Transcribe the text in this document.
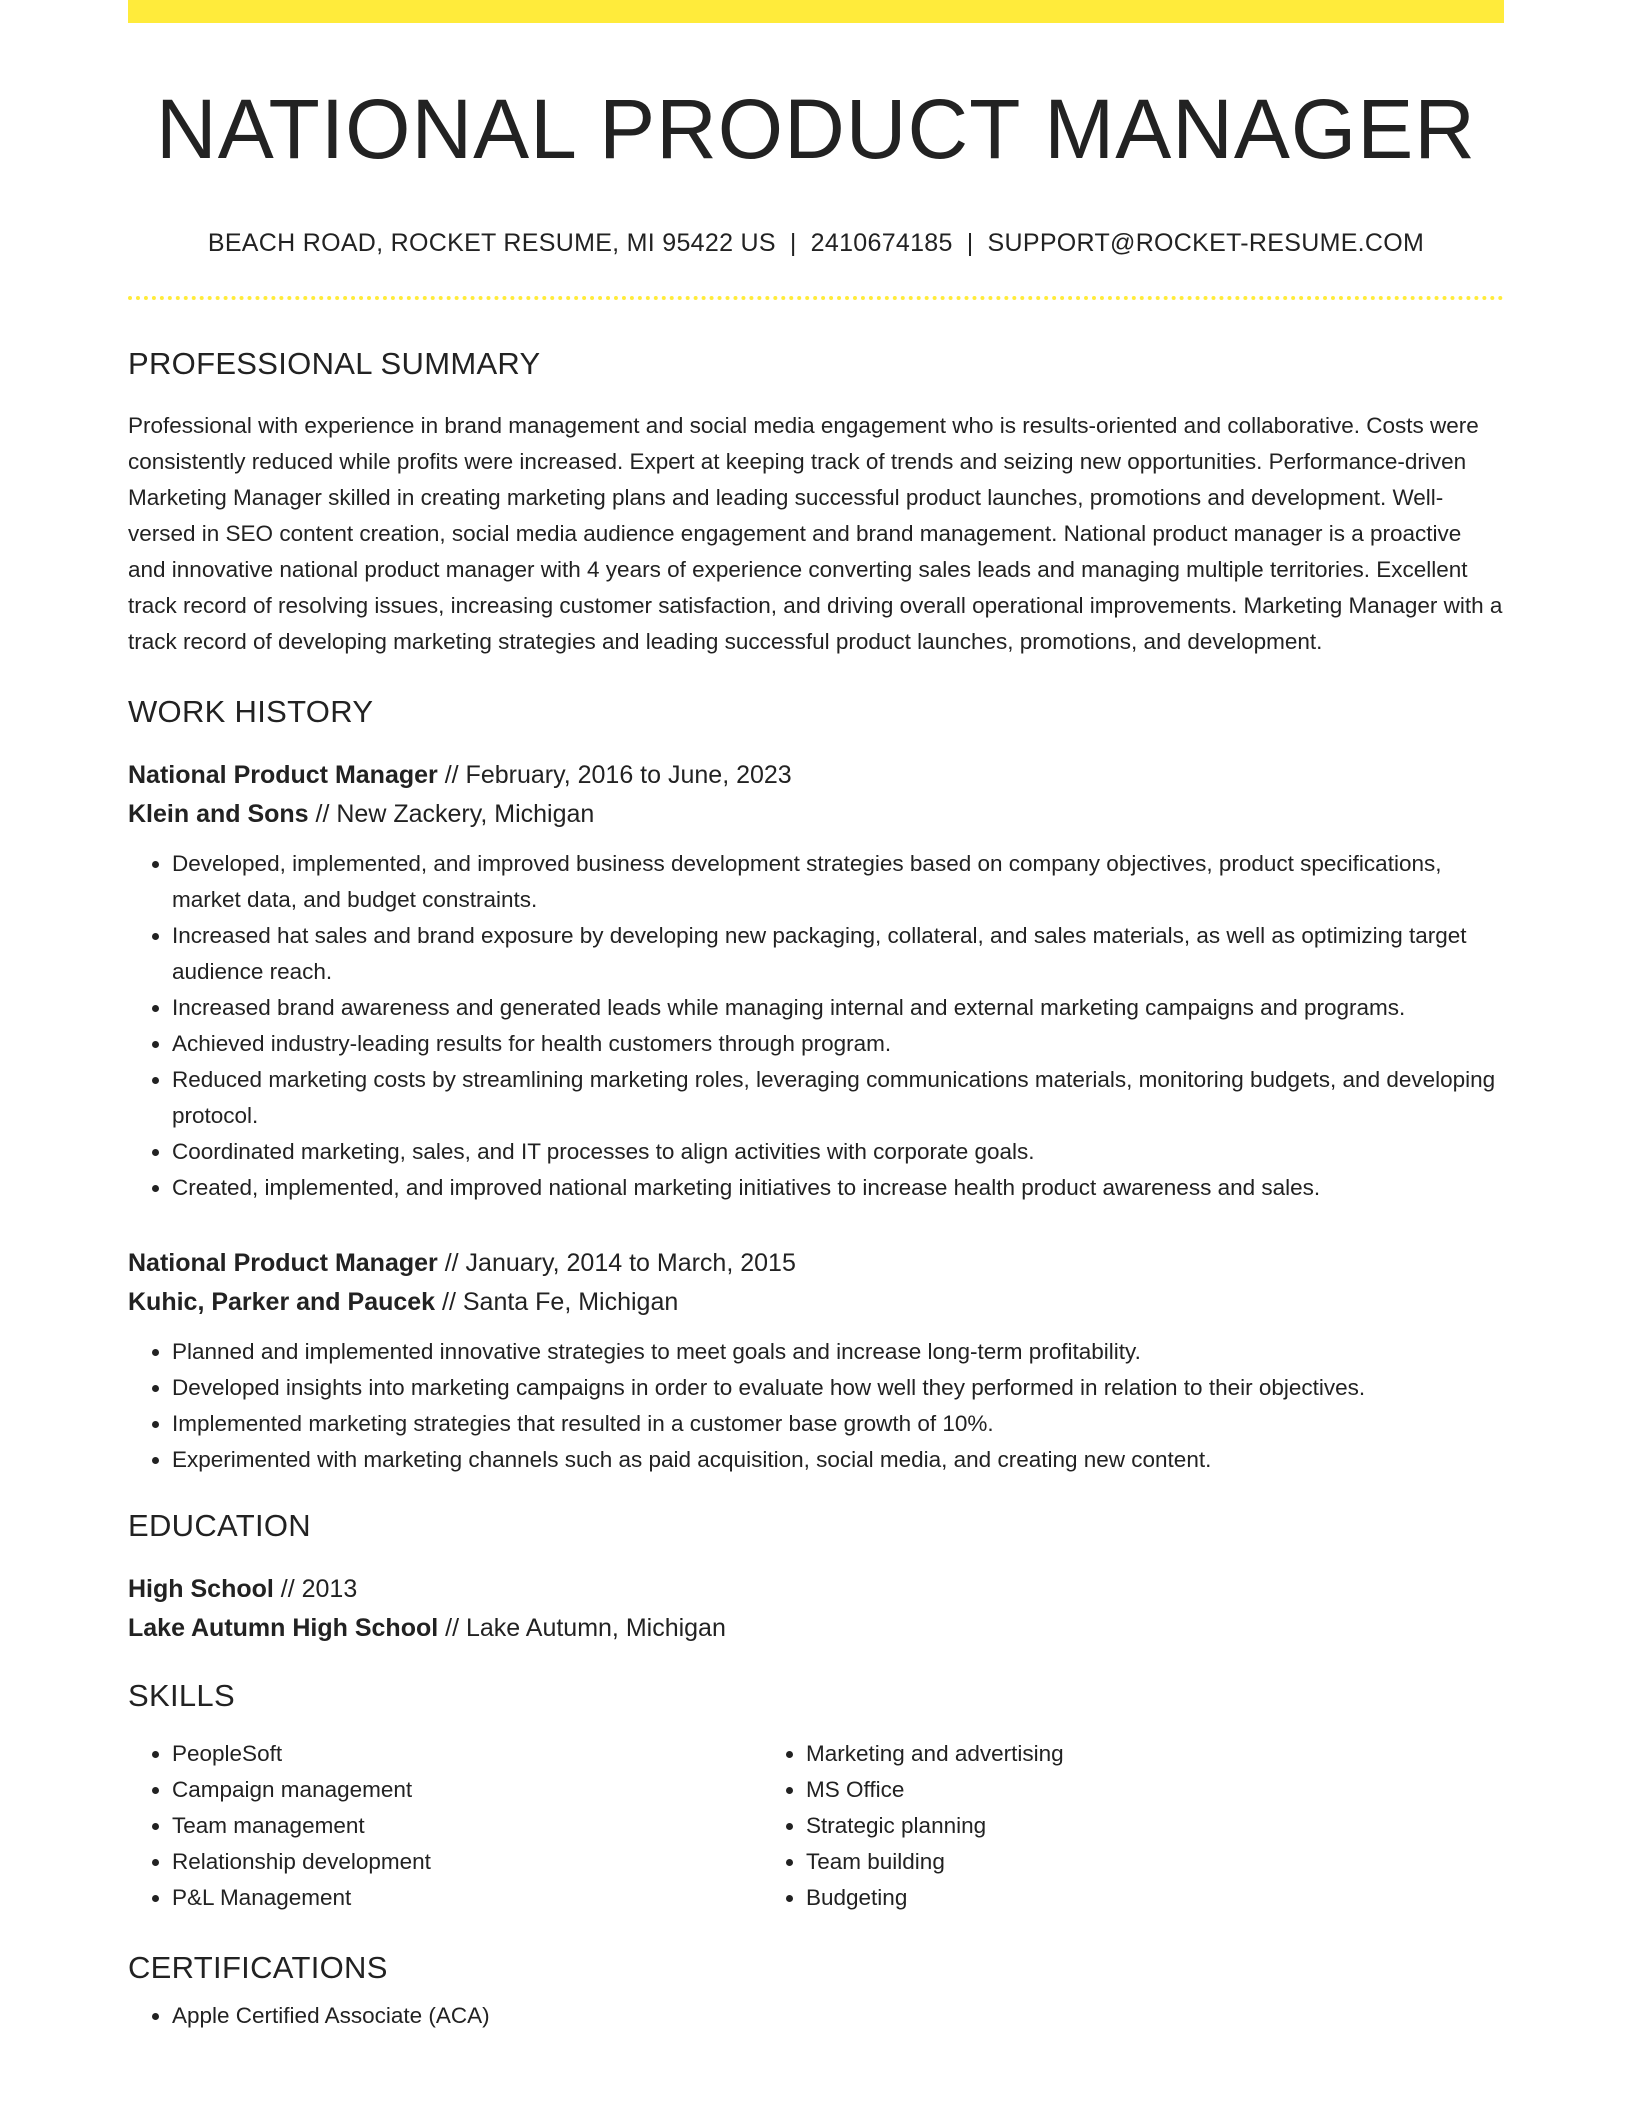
NATIONAL PRODUCT MANAGER
BEACH ROAD, ROCKET RESUME, MI 95422 US | 2410674185 | SUPPORT@ROCKET-RESUME.COM
PROFESSIONAL SUMMARY
Professional with experience in brand management and social media engagement who is results-oriented and collaborative. Costs were consistently reduced while profits were increased. Expert at keeping track of trends and seizing new opportunities. Performance-driven Marketing Manager skilled in creating marketing plans and leading successful product launches, promotions and development. Well-versed in SEO content creation, social media audience engagement and brand management. National product manager is a proactive and innovative national product manager with 4 years of experience converting sales leads and managing multiple territories. Excellent track record of resolving issues, increasing customer satisfaction, and driving overall operational improvements. Marketing Manager with a track record of developing marketing strategies and leading successful product launches, promotions, and development.
WORK HISTORY
National Product Manager // February, 2016 to June, 2023
Klein and Sons // New Zackery, Michigan
• Developed, implemented, and improved business development strategies based on company objectives, product specifications, market data, and budget constraints.
• Increased hat sales and brand exposure by developing new packaging, collateral, and sales materials, as well as optimizing target audience reach.
• Increased brand awareness and generated leads while managing internal and external marketing campaigns and programs.
• Achieved industry-leading results for health customers through program.
• Reduced marketing costs by streamlining marketing roles, leveraging communications materials, monitoring budgets, and developing protocol.
• Coordinated marketing, sales, and IT processes to align activities with corporate goals.
• Created, implemented, and improved national marketing initiatives to increase health product awareness and sales.
National Product Manager // January, 2014 to March, 2015
Kuhic, Parker and Paucek // Santa Fe, Michigan
• Planned and implemented innovative strategies to meet goals and increase long-term profitability.
• Developed insights into marketing campaigns in order to evaluate how well they performed in relation to their objectives.
• Implemented marketing strategies that resulted in a customer base growth of 10%.
• Experimented with marketing channels such as paid acquisition, social media, and creating new content.
EDUCATION
High School // 2013
Lake Autumn High School // Lake Autumn, Michigan
SKILLS
• PeopleSoft
• Campaign management
• Team management
• Relationship development
• P&L Management
• Marketing and advertising
• MS Office
• Strategic planning
• Team building
• Budgeting
CERTIFICATIONS
• Apple Certified Associate (ACA)
